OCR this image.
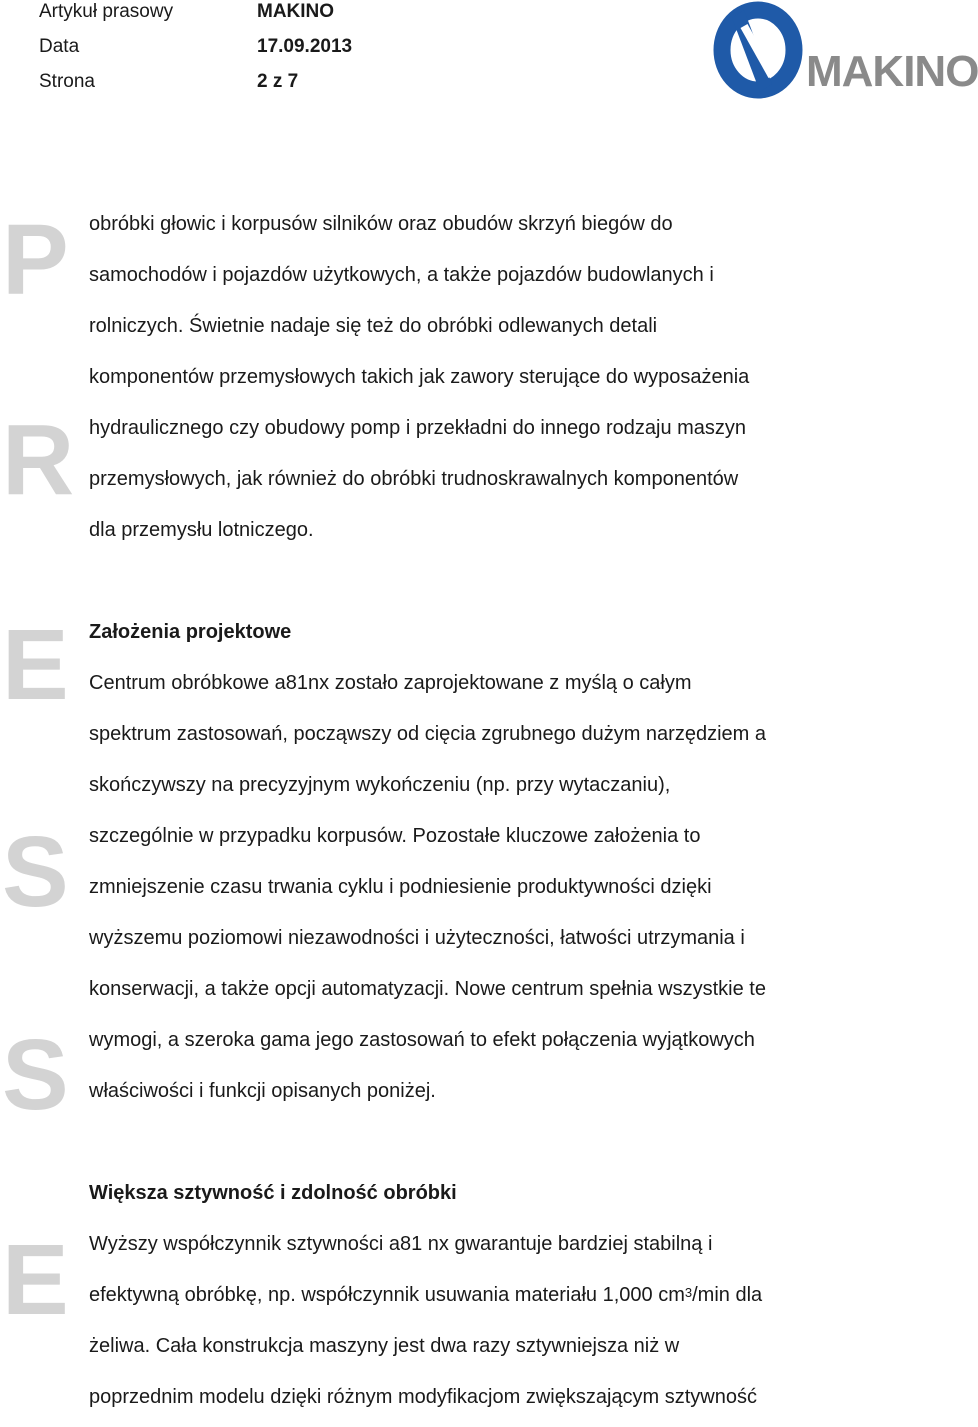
Artykuł prasowy	MAKINO
Data	17.09.2013
Strona	2 z 7	MAKINO
P
R
E
S
S
E
obróbki głowic i korpusów silników oraz obudów skrzyń biegów do
samochodów i pojazdów użytkowych, a także pojazdów budowlanych i
rolniczych. Świetnie nadaje się też do obróbki odlewanych detali
komponentów przemysłowych takich jak zawory sterujące do wyposażenia
hydraulicznego czy obudowy pomp i przekładni do innego rodzaju maszyn
przemysłowych, jak również do obróbki trudnoskrawalnych komponentów
dla przemysłu lotniczego.
Założenia projektowe
Centrum obróbkowe a81nx zostało zaprojektowane z myślą o całym
spektrum zastosowań, począwszy od cięcia zgrubnego dużym narzędziem a
skończywszy na precyzyjnym wykończeniu (np. przy wytaczaniu),
szczególnie w przypadku korpusów. Pozostałe kluczowe założenia to
zmniejszenie czasu trwania cyklu i podniesienie produktywności dzięki
wyższemu poziomowi niezawodności i użyteczności, łatwości utrzymania i
konserwacji, a także opcji automatyzacji. Nowe centrum spełnia wszystkie te
wymogi, a szeroka gama jego zastosowań to efekt połączenia wyjątkowych
właściwości i funkcji opisanych poniżej.
Większa sztywność i zdolność obróbki
Wyższy współczynnik sztywności a81 nx gwarantuje bardziej stabilną i
efektywną obróbkę, np. współczynnik usuwania materiału 1,000 $cm^3/\min$ dla
żeliwa. Cała konstrukcja maszyny jest dwa razy sztywniejsza niż w
poprzednim modelu dzięki różnym modyfikacjom zwiększającym sztywność
